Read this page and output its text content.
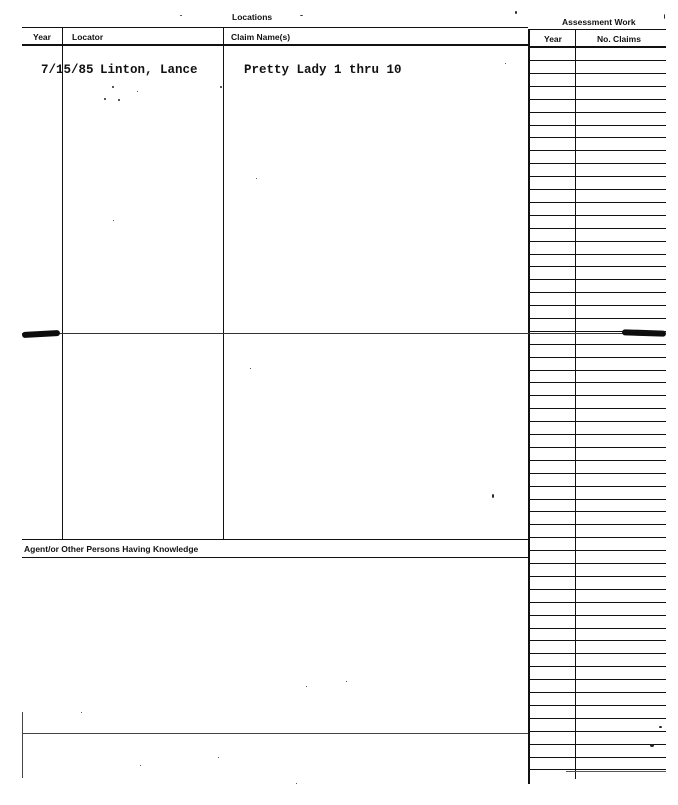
Locations	Assessment Work
Year Locator	Claim Name(s)	Year	No. Claims
Agent/or Other Persons Having Knowledge
7/15/85 Linton, Lance	Pretty Lady 1 thru 10
